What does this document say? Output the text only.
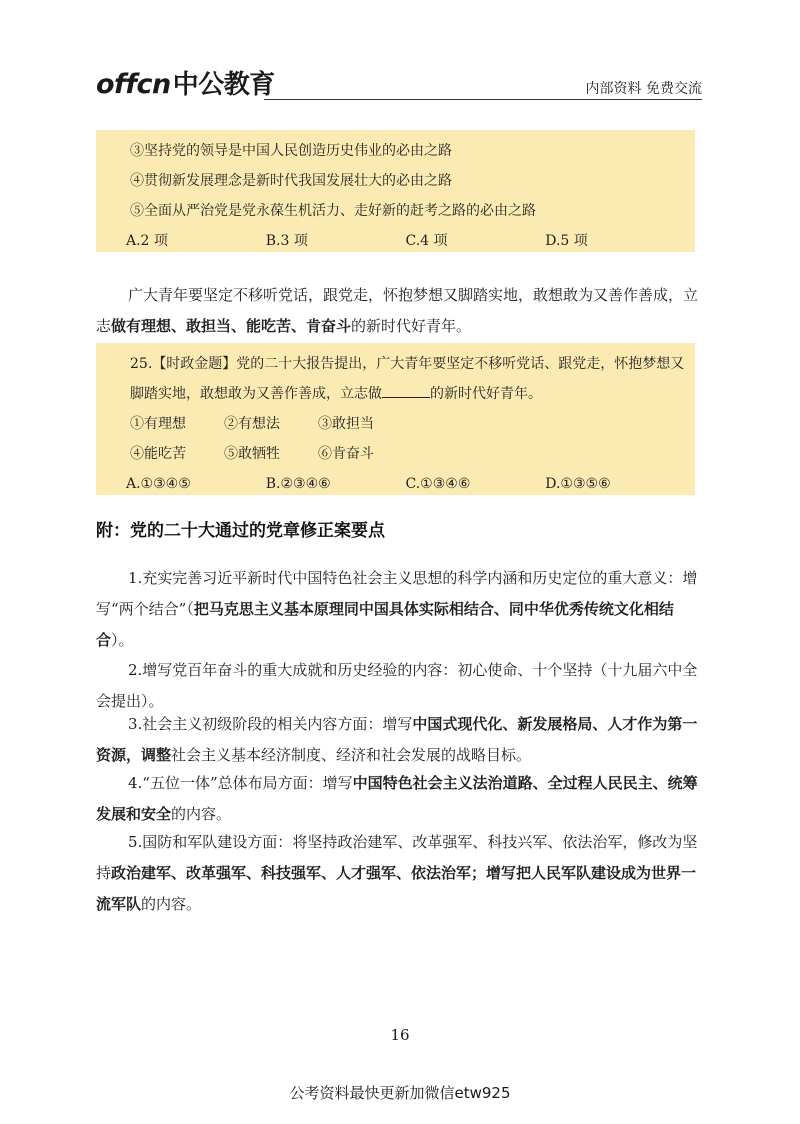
offcn中公教育	内部资料 免费交流
③坚持党的领导是中国人民创造历史伟业的必由之路
④贯彻新发展理念是新时代我国发展壮大的必由之路
⑤全面从严治党是党永葆生机活力、走好新的赶考之路的必由之路
A.2 项	B.3 项	C.4 项	D.5 项
广大青年要坚定不移听党话，跟党走，怀抱梦想又脚踏实地，敢想敢为又善作善成，立志做有理想、敢担当、能吃苦、肯奋斗的新时代好青年。
25.【时政金题】党的二十大报告提出，广大青年要坚定不移听党话、跟党走，怀抱梦想又脚踏实地，敢想敢为又善作善成，立志做	的新时代好青年。
①有理想	②有想法	③敢担当
④能吃苦	⑤敢牺牲	⑥肯奋斗
A.①③④⑤	B.②③④⑥	C.①③④⑥	D.①③⑤⑥
附：党的二十大通过的党章修正案要点
1.充实完善习近平新时代中国特色社会主义思想的科学内涵和历史定位的重大意义：增写“两个结合”（把马克思主义基本原理同中国具体实际相结合、同中华优秀传统文化相结合）。
2.增写党百年奋斗的重大成就和历史经验的内容：初心使命、十个坚持（十九届六中全会提出）。
3.社会主义初级阶段的相关内容方面：增写中国式现代化、新发展格局、人才作为第一资源，调整社会主义基本经济制度、经济和社会发展的战略目标。
4.“五位一体”总体布局方面：增写中国特色社会主义法治道路、全过程人民民主、统筹发展和安全的内容。
5.国防和军队建设方面：将坚持政治建军、改革强军、科技兴军、依法治军，修改为坚持政治建军、改革强军、科技强军、人才强军、依法治军；增写把人民军队建设成为世界一流军队的内容。
16
公考资料最快更新加微信etw925
